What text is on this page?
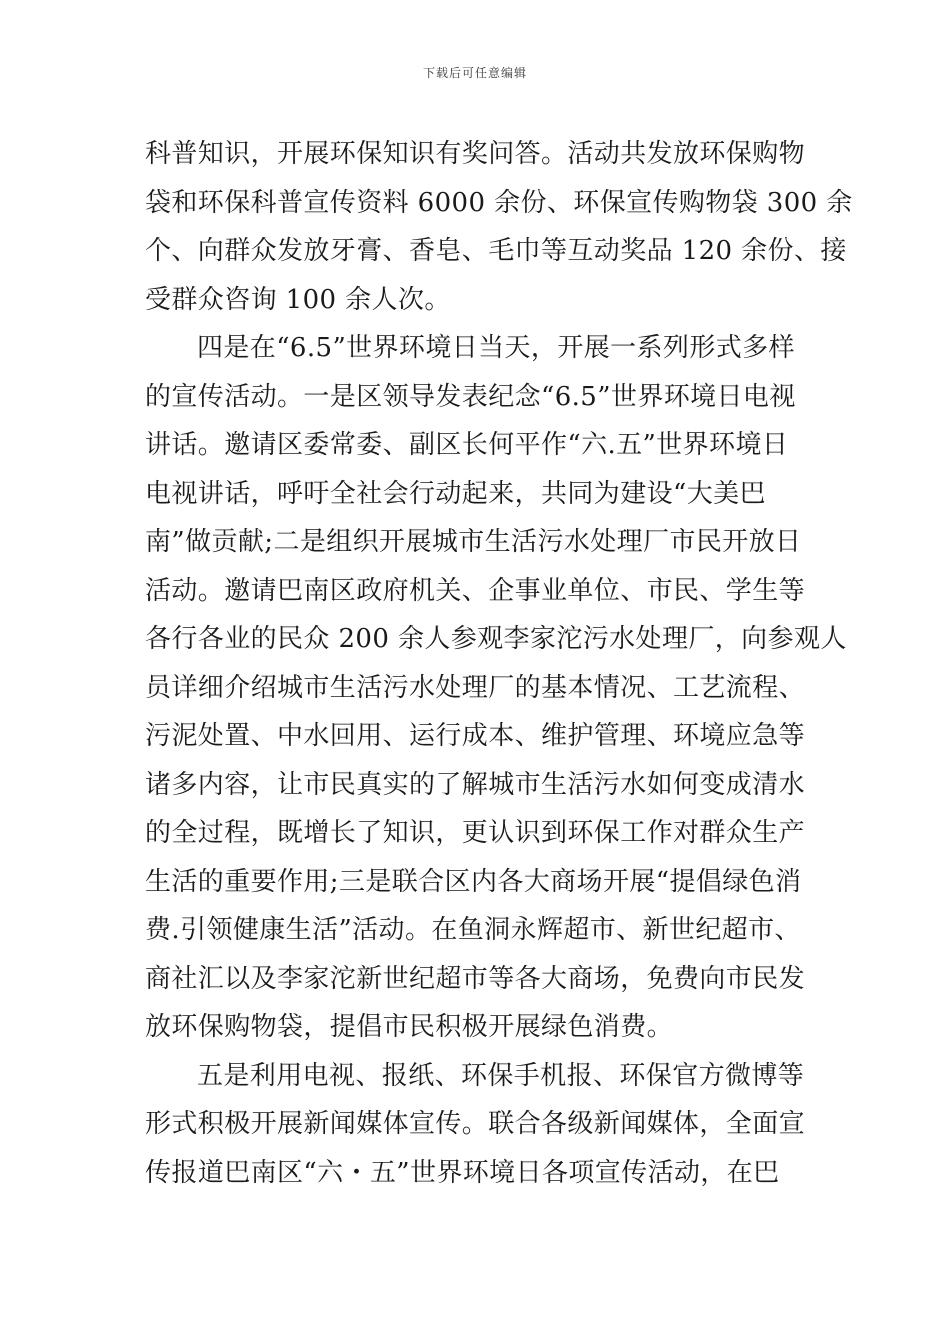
下载后可任意编辑
科普知识，开展环保知识有奖问答。活动共发放环保购物
袋和环保科普宣传资料 6000 余份、环保宣传购物袋 300 余
个、向群众发放牙膏、香皂、毛巾等互动奖品 120 余份、接
受群众咨询 100 余人次。
四是在“6.5”世界环境日当天，开展一系列形式多样
的宣传活动。一是区领导发表纪念“6.5”世界环境日电视
讲话。邀请区委常委、副区长何平作“六.五”世界环境日
电视讲话，呼吁全社会行动起来，共同为建设“大美巴
南”做贡献;二是组织开展城市生活污水处理厂市民开放日
活动。邀请巴南区政府机关、企事业单位、市民、学生等
各行各业的民众 200 余人参观李家沱污水处理厂，向参观人
员详细介绍城市生活污水处理厂的基本情况、工艺流程、
污泥处置、中水回用、运行成本、维护管理、环境应急等
诸多内容，让市民真实的了解城市生活污水如何变成清水
的全过程，既增长了知识，更认识到环保工作对群众生产
生活的重要作用;三是联合区内各大商场开展“提倡绿色消
费.引领健康生活”活动。在鱼洞永辉超市、新世纪超市、
商社汇以及李家沱新世纪超市等各大商场，免费向市民发
放环保购物袋，提倡市民积极开展绿色消费。
五是利用电视、报纸、环保手机报、环保官方微博等
形式积极开展新闻媒体宣传。联合各级新闻媒体，全面宣
传报道巴南区“六・五”世界环境日各项宣传活动，在巴
